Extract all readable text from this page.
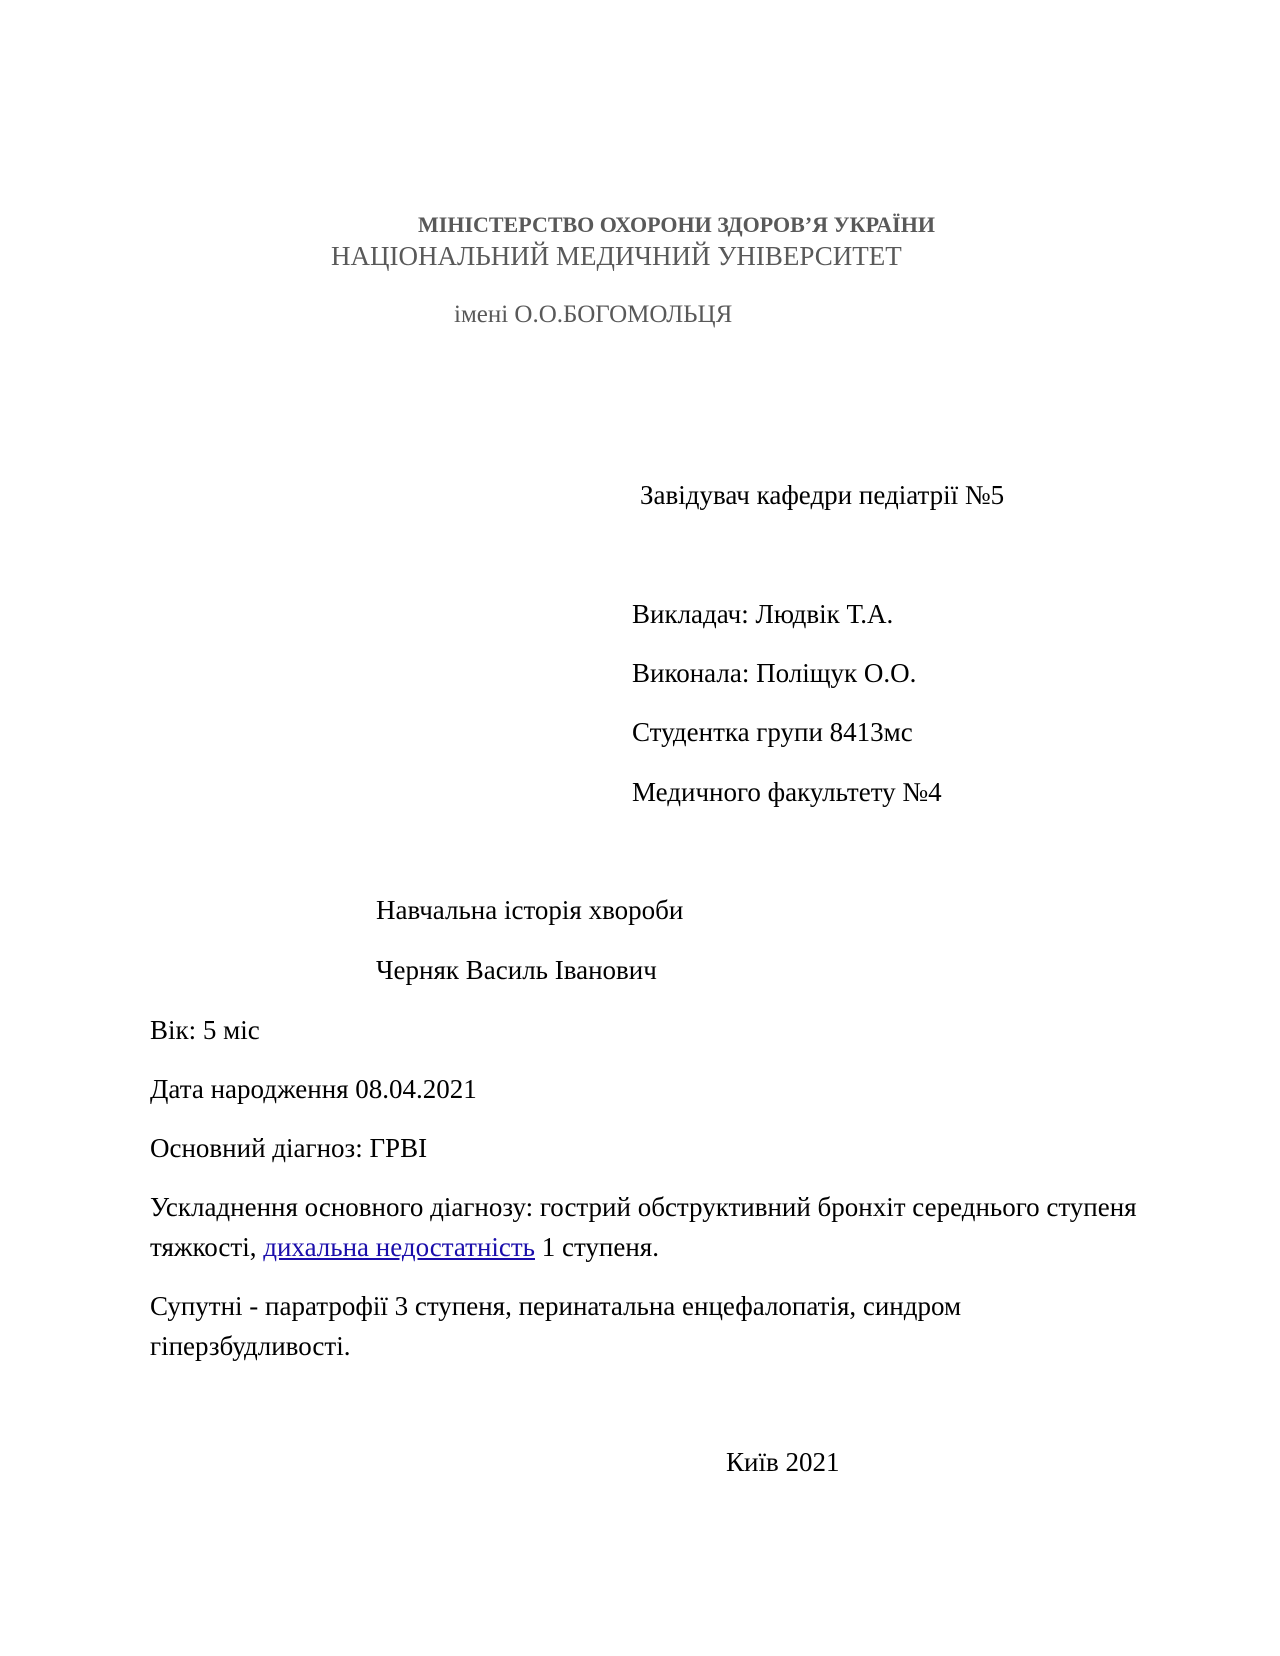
МІНІСТЕРСТВО ОХОРОНИ ЗДОРОВ’Я УКРАЇНИ
НАЦІОНАЛЬНИЙ МЕДИЧНИЙ УНІВЕРСИТЕТ
імені О.О.БОГОМОЛЬЦЯ
Завідувач кафедри педіатрії №5
Викладач: Людвік Т.А.
Виконала: Поліщук О.О.
Студентка групи 8413мс
Медичного факультету №4
Навчальна історія хвороби
Черняк Василь Іванович
Вік: 5 міс
Дата народження 08.04.2021
Основний діагноз: ГРВІ
Ускладнення основного діагнозу: гострий обструктивний бронхіт середнього ступеня тяжкості, дихальна недостатність 1 ступеня.
Супутні - паратрофії 3 ступеня, перинатальна енцефалопатія, синдром гіперзбудливості.
Київ 2021
